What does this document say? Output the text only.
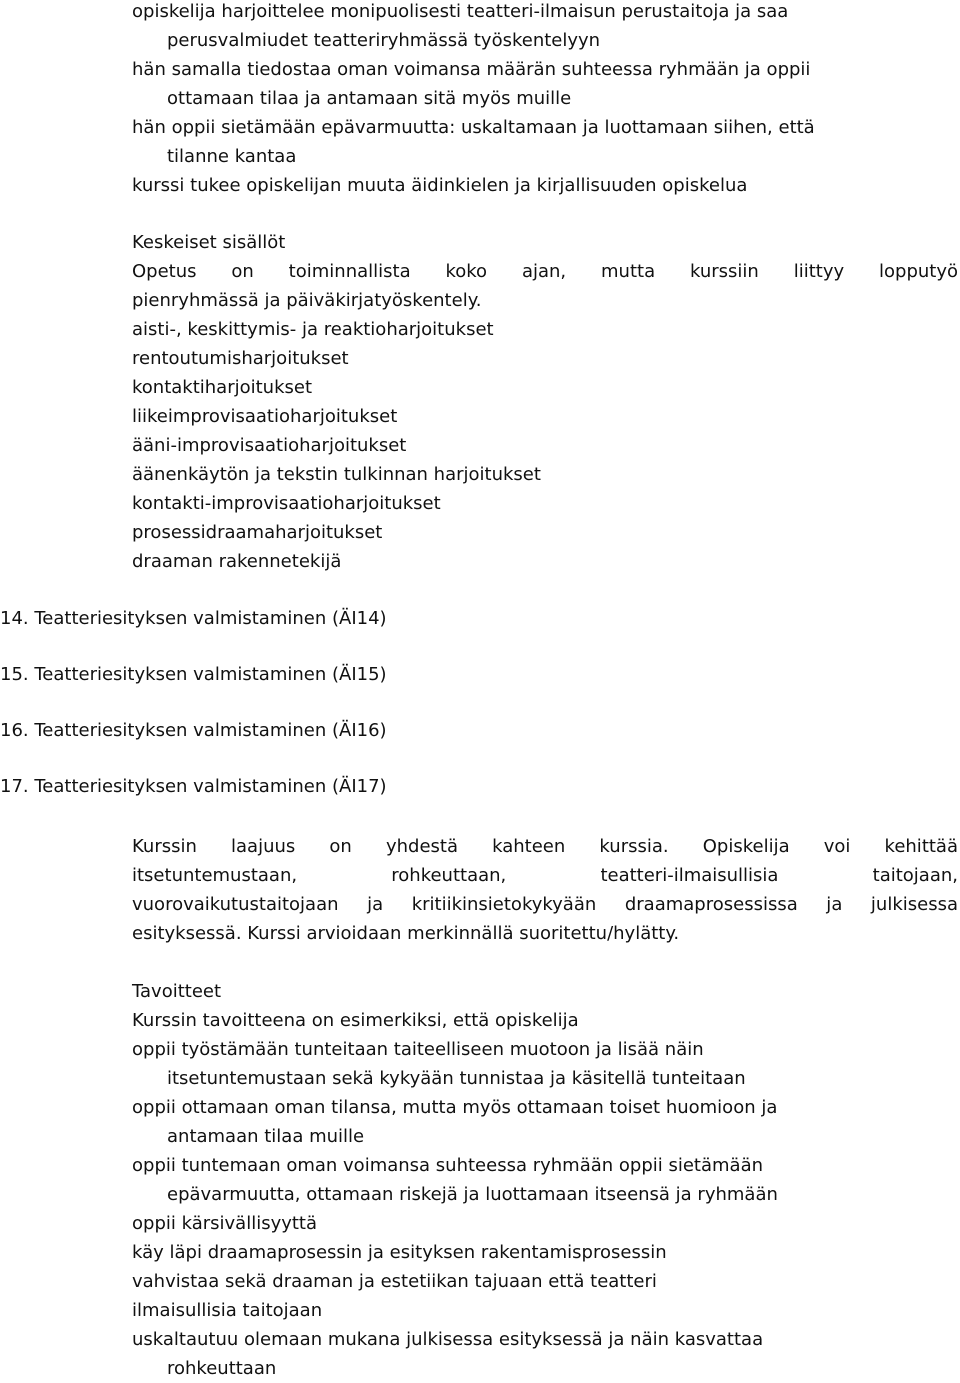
opiskelija harjoittelee monipuolisesti teatteri-ilmaisun perustaitoja ja saa
perusvalmiudet teatteriryhmässä työskentelyyn
hän samalla tiedostaa oman voimansa määrän suhteessa ryhmään ja oppii
ottamaan tilaa ja antamaan sitä myös muille
hän oppii sietämään epävarmuutta: uskaltamaan ja luottamaan siihen, että
tilanne kantaa
kurssi tukee opiskelijan muuta äidinkielen ja kirjallisuuden opiskelua
Keskeiset sisällöt
Opetus on toiminnallista koko ajan, mutta kurssiin liittyy lopputyö
pienryhmässä ja päiväkirjatyöskentely.
aisti-, keskittymis- ja reaktioharjoitukset
rentoutumisharjoitukset
kontaktiharjoitukset
liikeimprovisaatioharjoitukset
ääni-improvisaatioharjoitukset
äänenkäytön ja tekstin tulkinnan harjoitukset
kontakti-improvisaatioharjoitukset
prosessidraamaharjoitukset
draaman rakennetekijä
14. Teatteriesityksen valmistaminen (ÄI14)
15. Teatteriesityksen valmistaminen (ÄI15)
16. Teatteriesityksen valmistaminen (ÄI16)
17. Teatteriesityksen valmistaminen (ÄI17)
Kurssin laajuus on yhdestä kahteen kurssia. Opiskelija voi kehittää
itsetuntemustaan, rohkeuttaan, teatteri-ilmaisullisia taitojaan,
vuorovaikutustaitojaan ja kritiikinsietokykyään draamaprosessissa ja julkisessa
esityksessä. Kurssi arvioidaan merkinnällä suoritettu/hylätty.
Tavoitteet
Kurssin tavoitteena on esimerkiksi, että opiskelija
oppii työstämään tunteitaan taiteelliseen muotoon ja lisää näin
itsetuntemustaan sekä kykyään tunnistaa ja käsitellä tunteitaan
oppii ottamaan oman tilansa, mutta myös ottamaan toiset huomioon ja
antamaan tilaa muille
oppii tuntemaan oman voimansa suhteessa ryhmään oppii sietämään
epävarmuutta, ottamaan riskejä ja luottamaan itseensä ja ryhmään
oppii kärsivällisyyttä
käy läpi draamaprosessin ja esityksen rakentamisprosessin
vahvistaa sekä draaman ja estetiikan tajuaan että teatteri
ilmaisullisia taitojaan
uskaltautuu olemaan mukana julkisessa esityksessä ja näin kasvattaa
rohkeuttaan
